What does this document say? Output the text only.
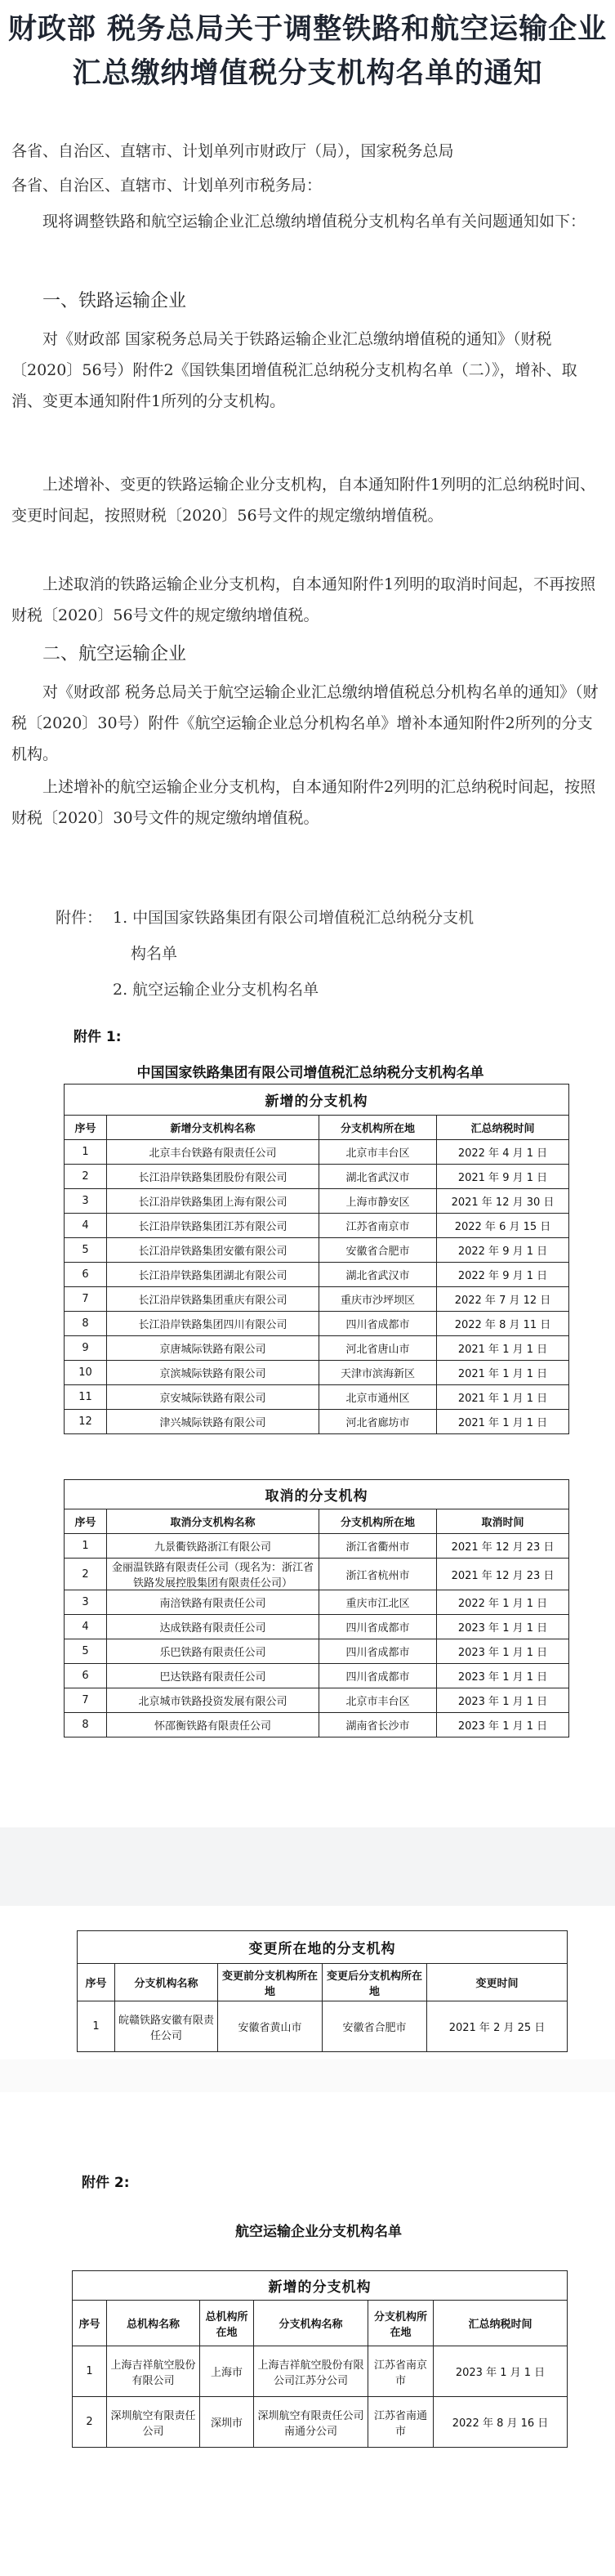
财政部 税务总局关于调整铁路和航空运输企业
汇总缴纳增值税分支机构名单的通知
各省、自治区、直辖市、计划单列市财政厅（局），国家税务总局
各省、自治区、直辖市、计划单列市税务局：
现将调整铁路和航空运输企业汇总缴纳增值税分支机构名单有关问题通知如下：
一、铁路运输企业
对《财政部 国家税务总局关于铁路运输企业汇总缴纳增值税的通知》（财税〔2020〕56号）附件2《国铁集团增值税汇总纳税分支机构名单（二）》，增补、取消、变更本通知附件1所列的分支机构。
上述增补、变更的铁路运输企业分支机构，自本通知附件1列明的汇总纳税时间、变更时间起，按照财税〔2020〕56号文件的规定缴纳增值税。
上述取消的铁路运输企业分支机构，自本通知附件1列明的取消时间起，不再按照财税〔2020〕56号文件的规定缴纳增值税。
二、航空运输企业
对《财政部 税务总局关于航空运输企业汇总缴纳增值税总分机构名单的通知》（财税〔2020〕30号）附件《航空运输企业总分机构名单》增补本通知附件2所列的分支机构。
上述增补的航空运输企业分支机构，自本通知附件2列明的汇总纳税时间起，按照财税〔2020〕30号文件的规定缴纳增值税。
附件： 1. 中国国家铁路集团有限公司增值税汇总纳税分支机
构名单
2. 航空运输企业分支机构名单
附件 1:
中国国家铁路集团有限公司增值税汇总纳税分支机构名单
新增的分支机构			
序号	新增分支机构名称	分支机构所在地	汇总纳税时间
1	北京丰台铁路有限责任公司	北京市丰台区	2022 年 4 月 1 日
2	长江沿岸铁路集团股份有限公司	湖北省武汉市	2021 年 9 月 1 日
3	长江沿岸铁路集团上海有限公司	上海市静安区	2021 年 12 月 30 日
4	长江沿岸铁路集团江苏有限公司	江苏省南京市	2022 年 6 月 15 日
5	长江沿岸铁路集团安徽有限公司	安徽省合肥市	2022 年 9 月 1 日
6	长江沿岸铁路集团湖北有限公司	湖北省武汉市	2022 年 9 月 1 日
7	长江沿岸铁路集团重庆有限公司	重庆市沙坪坝区	2022 年 7 月 12 日
8	长江沿岸铁路集团四川有限公司	四川省成都市	2022 年 8 月 11 日
9	京唐城际铁路有限公司	河北省唐山市	2021 年 1 月 1 日
10	京滨城际铁路有限公司	天津市滨海新区	2021 年 1 月 1 日
11	京安城际铁路有限公司	北京市通州区	2021 年 1 月 1 日
12	津兴城际铁路有限公司	河北省廊坊市	2021 年 1 月 1 日
取消的分支机构			
序号	取消分支机构名称	分支机构所在地	取消时间
1	九景衢铁路浙江有限公司	浙江省衢州市	2021 年 12 月 23 日
2	金丽温铁路有限责任公司（现名为：浙江省铁路发展控股集团有限责任公司）	浙江省杭州市	2021 年 12 月 23 日
3	南涪铁路有限责任公司	重庆市江北区	2022 年 1 月 1 日
4	达成铁路有限责任公司	四川省成都市	2023 年 1 月 1 日
5	乐巴铁路有限责任公司	四川省成都市	2023 年 1 月 1 日
6	巴达铁路有限责任公司	四川省成都市	2023 年 1 月 1 日
7	北京城市铁路投资发展有限公司	北京市丰台区	2023 年 1 月 1 日
8	怀邵衡铁路有限责任公司	湖南省长沙市	2023 年 1 月 1 日
变更所在地的分支机构				
序号	分支机构名称	变更前分支机构所在地	变更后分支机构所在地	变更时间
1	皖赣铁路安徽有限责任公司	安徽省黄山市	安徽省合肥市	2021 年 2 月 25 日
附件 2:
航空运输企业分支机构名单
新增的分支机构					
序号	总机构名称	总机构所在地	分支机构名称	分支机构所在地	汇总纳税时间
1	上海吉祥航空股份有限公司	上海市	上海吉祥航空股份有限公司江苏分公司	江苏省南京市	2023 年 1 月 1 日
2	深圳航空有限责任公司	深圳市	深圳航空有限责任公司南通分公司	江苏省南通市	2022 年 8 月 16 日
